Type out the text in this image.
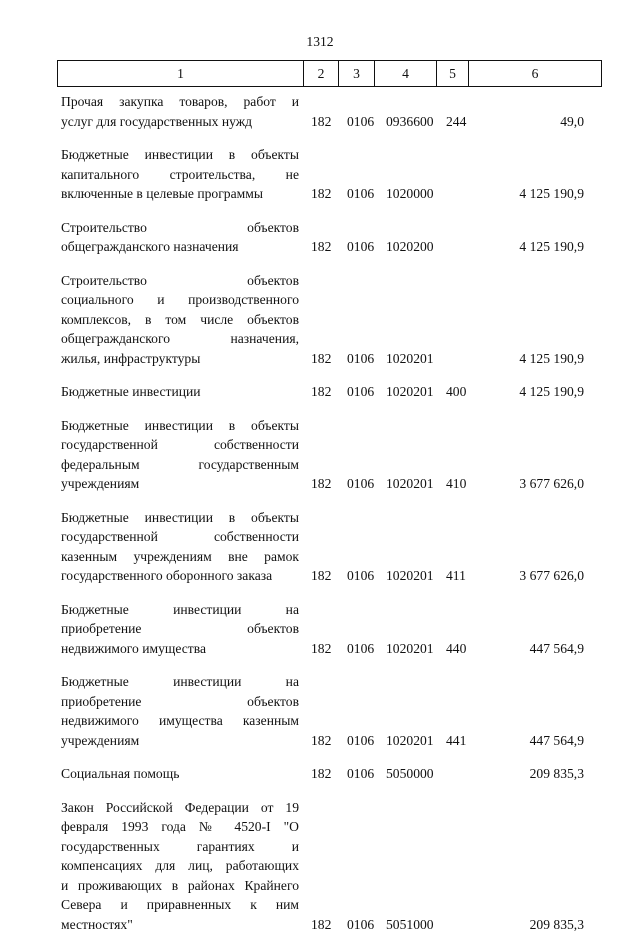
1312
1	2	3	4	5	6
Прочая закупка товаров, работ и
услуг для государственных нужд	182 0106 0936600 244	49,0
Бюджетные инвестиции в объекты
капитального строительства, не
включенные в целевые программы	182 0106 1020000	4 125 190,9
Строительство объектов
общегражданского назначения	182 0106 1020200	4 125 190,9
Строительство объектов
социального и производственного
комплексов, в том числе объектов
общегражданского назначения,
жилья, инфраструктуры	182 0106 1020201	4 125 190,9
Бюджетные инвестиции	182 0106 1020201 400	4 125 190,9
Бюджетные инвестиции в объекты
государственной собственности
федеральным государственным
учреждениям	182 0106 1020201 410	3 677 626,0
Бюджетные инвестиции в объекты
государственной собственности
казенным учреждениям вне рамок
государственного оборонного заказа	182 0106 1020201 411	3 677 626,0
Бюджетные инвестиции на
приобретение объектов
недвижимого имущества	182 0106 1020201 440	447 564,9
Бюджетные инвестиции на
приобретение объектов
недвижимого имущества казенным
учреждениям	182 0106 1020201 441	447 564,9
Социальная помощь	182 0106 5050000	209 835,3
Закон Российской Федерации от 19
февраля 1993 года № 4520-I "О
государственных гарантиях и
компенсациях для лиц, работающих
и проживающих в районах Крайнего
Севера и приравненных к ним
местностях"	182 0106 5051000	209 835,3
